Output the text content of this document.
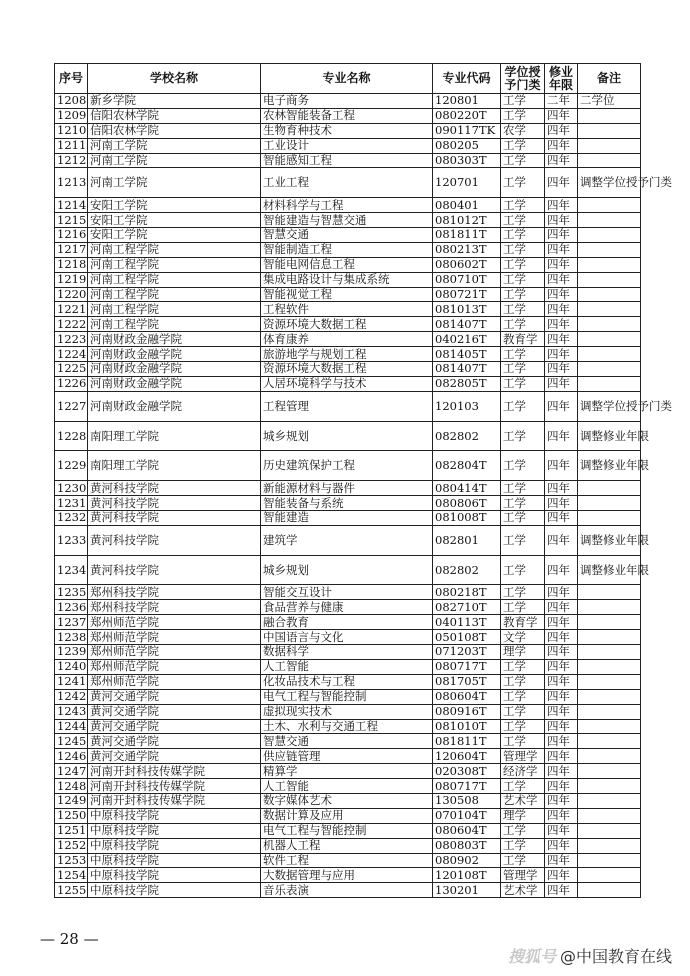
序号	学校名称	专业名称	专业代码	学位授予门类	修业年限	备注
1208	新乡学院	电子商务	120801	工学	二年	二学位
1209	信阳农林学院	农林智能装备工程	080220T	工学	四年	
1210	信阳农林学院	生物育种技术	090117TK	农学	四年	
1211	河南工学院	工业设计	080205	工学	四年	
1212	河南工学院	智能感知工程	080303T	工学	四年	
1213	河南工学院	工业工程	120701	工学	四年	调整学位授予门类
1214	安阳工学院	材料科学与工程	080401	工学	四年	
1215	安阳工学院	智能建造与智慧交通	081012T	工学	四年	
1216	安阳工学院	智慧交通	081811T	工学	四年	
1217	河南工程学院	智能制造工程	080213T	工学	四年	
1218	河南工程学院	智能电网信息工程	080602T	工学	四年	
1219	河南工程学院	集成电路设计与集成系统	080710T	工学	四年	
1220	河南工程学院	智能视觉工程	080721T	工学	四年	
1221	河南工程学院	工程软件	081013T	工学	四年	
1222	河南工程学院	资源环境大数据工程	081407T	工学	四年	
1223	河南财政金融学院	体育康养	040216T	教育学	四年	
1224	河南财政金融学院	旅游地学与规划工程	081405T	工学	四年	
1225	河南财政金融学院	资源环境大数据工程	081407T	工学	四年	
1226	河南财政金融学院	人居环境科学与技术	082805T	工学	四年	
1227	河南财政金融学院	工程管理	120103	工学	四年	调整学位授予门类
1228	南阳理工学院	城乡规划	082802	工学	四年	调整修业年限
1229	南阳理工学院	历史建筑保护工程	082804T	工学	四年	调整修业年限
1230	黄河科技学院	新能源材料与器件	080414T	工学	四年	
1231	黄河科技学院	智能装备与系统	080806T	工学	四年	
1232	黄河科技学院	智能建造	081008T	工学	四年	
1233	黄河科技学院	建筑学	082801	工学	四年	调整修业年限
1234	黄河科技学院	城乡规划	082802	工学	四年	调整修业年限
1235	郑州科技学院	智能交互设计	080218T	工学	四年	
1236	郑州科技学院	食品营养与健康	082710T	工学	四年	
1237	郑州师范学院	融合教育	040113T	教育学	四年	
1238	郑州师范学院	中国语言与文化	050108T	文学	四年	
1239	郑州师范学院	数据科学	071203T	理学	四年	
1240	郑州师范学院	人工智能	080717T	工学	四年	
1241	郑州师范学院	化妆品技术与工程	081705T	工学	四年	
1242	黄河交通学院	电气工程与智能控制	080604T	工学	四年	
1243	黄河交通学院	虚拟现实技术	080916T	工学	四年	
1244	黄河交通学院	土木、水利与交通工程	081010T	工学	四年	
1245	黄河交通学院	智慧交通	081811T	工学	四年	
1246	黄河交通学院	供应链管理	120604T	管理学	四年	
1247	河南开封科技传媒学院	精算学	020308T	经济学	四年	
1248	河南开封科技传媒学院	人工智能	080717T	工学	四年	
1249	河南开封科技传媒学院	数字媒体艺术	130508	艺术学	四年	
1250	中原科技学院	数据计算及应用	070104T	理学	四年	
1251	中原科技学院	电气工程与智能控制	080604T	工学	四年	
1252	中原科技学院	机器人工程	080803T	工学	四年	
1253	中原科技学院	软件工程	080902	工学	四年	
1254	中原科技学院	大数据管理与应用	120108T	管理学	四年	
1255	中原科技学院	音乐表演	130201	艺术学	四年	
— 28 —
搜狐号 @中国教育在线
